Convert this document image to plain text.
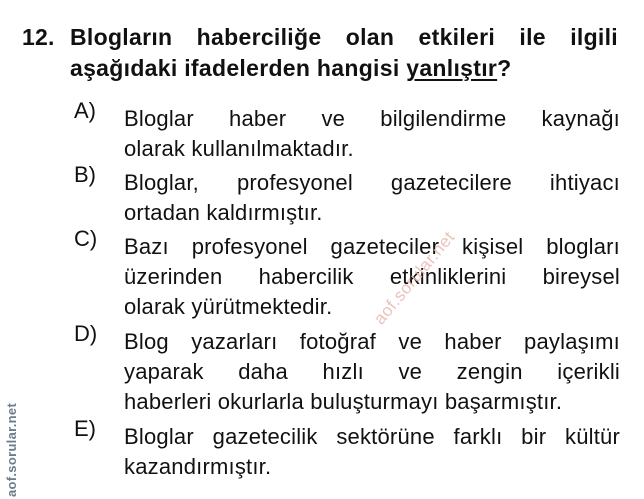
12. Blogların haberciliğe olan etkileri ile ilgili
aşağıdaki ifadelerden hangisi yanlıştır?
A) Bloglar haber ve bilgilendirme kaynağı
olarak kullanılmaktadır.
B) Bloglar, profesyonel gazetecilere ihtiyacı
ortadan kaldırmıştır.
C) Bazı profesyonel gazeteciler kişisel blogları
üzerinden habercilik etkinliklerini bireysel
olarak yürütmektedir.
D) Blog yazarları fotoğraf ve haber paylaşımı
yaparak daha hızlı ve zengin içerikli
haberleri okurlarla buluşturmayı başarmıştır.
E) Bloglar gazetecilik sektörüne farklı bir kültür
kazandırmıştır.
aof.sorular.net
aof.sorular.net
